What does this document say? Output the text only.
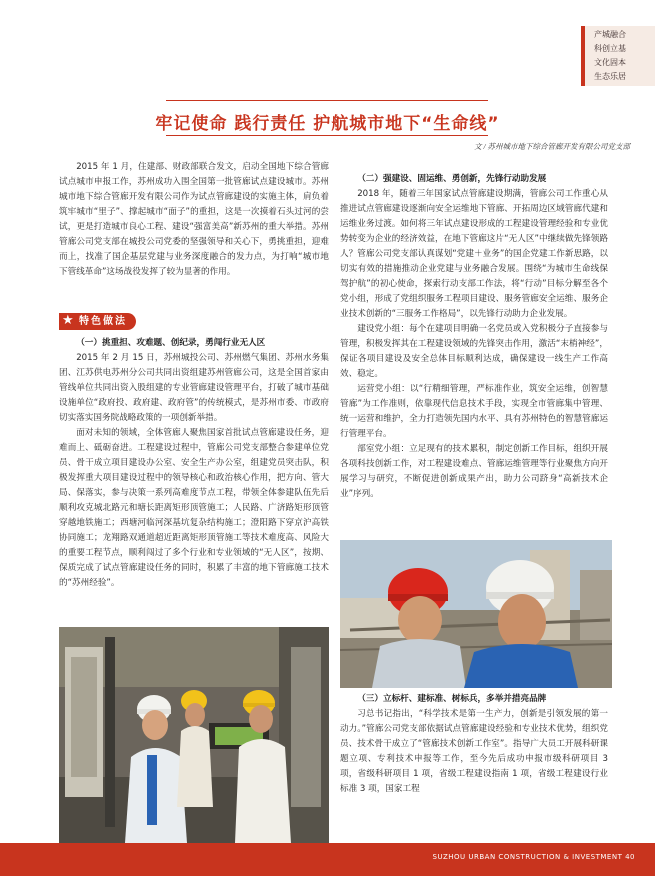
产城融合
科创立基
文化固本
生态乐居
牢记使命 践行责任 护航城市地下“生命线”
文 / 苏州城市地下综合管廊开发有限公司党支部

2015 年 1 月，住建部、财政部联合发文，启动全国地下综合管廊试点城市申报工作，苏州成功入围全国第一批管廊试点建设城市。苏州城市地下综合管廊开发有限公司作为试点管廊建设的实施主体，肩负着筑牢城市“里子”、撑起城市“面子”的重担，这是一次摸着石头过河的尝试，更是打造城市良心工程、建设“强富美高”新苏州的重大举措。苏州管廊公司党支部在城投公司党委的坚强领导和关心下，勇挑重担，迎难而上，找准了国企基层党建与业务深度融合的发力点，为打响“城市地下管线革命”这场战役发挥了较为显著的作用。

★ 特色做法

（一）挑重担、攻难题、创纪录，勇闯行业无人区

2015 年 2 月 15 日，苏州城投公司、苏州燃气集团、苏州水务集团、江苏供电苏州分公司共同出资组建苏州管廊公司，这是全国首家由管线单位共同出资入股组建的专业管廊建设管理平台，打破了城市基础设施单位“政府投、政府建、政府管”的传统模式，是苏州市委、市政府切实落实国务院战略政策的一项创新举措。

面对未知的领域，全体管廊人聚焦国家首批试点管廊建设任务，迎难而上、砥砺奋进。工程建设过程中，管廊公司党支部整合参建单位党员、骨干成立项目建设办公室、安全生产办公室，组建党员突击队，积极发挥重大项目建设过程中的领导核心和政治核心作用，把方向、管大局、保落实，参与决策一系列高难度节点工程，带领全体参建队伍先后顺利攻克城北路元和塘长距离矩形顶管施工；人民路、广济路矩形顶管穿越地铁施工；西塘河临河深基坑复杂结构施工；澄阳路下穿京沪高铁协同施工；龙翔路双通道超近距离矩形顶管施工等技术难度高、风险大的重要工程节点，顺利闯过了多个行业和专业领域的“无人区”，按期、保质完成了试点管廊建设任务的同时，积累了丰富的地下管廊施工技术的“苏州经验”。

（二）强建设、固运维、勇创新，先锋行动助发展

2018 年，随着三年国家试点管廊建设期满，管廊公司工作重心从推进试点管廊建设逐渐向安全运维地下管廊、开拓周边区域管廊代建和运维业务过渡。如何将三年试点建设形成的工程建设管理经验和专业优势转变为企业的经济效益，在地下管廊这片“无人区”中继续做先锋领路人？管廊公司党支部认真谋划“党建＋业务”的国企党建工作新思路，以切实有效的措施推动企业党建与业务融合发展。围绕“为城市生命线保驾护航”的初心使命，探索行动支部工作法，将“行动”目标分解至各个党小组，形成了党组织服务工程项目建设、服务管廊安全运维、服务企业技术创新的“三服务工作格局”，以先锋行动助力企业发展。

建设党小组：每个在建项目明确一名党员或入党积极分子直接参与管理，积极发挥其在工程建设领域的先锋突击作用，激活“末梢神经”，保证各项目建设及安全总体目标顺利达成，确保建设一线生产工作高效、稳定。

运营党小组：以“行精细管理，严标准作业，筑安全运维，创智慧管廊”为工作准则，依靠现代信息技术手段，实现全市管廊集中管理、统一运营和维护，全力打造领先国内水平、具有苏州特色的智慧管廊运行管理平台。

部室党小组：立足现有的技术累积，制定创新工作目标，组织开展各项科技创新工作，对工程建设难点、管廊运维管理等行业聚焦方向开展学习与研究，不断促进创新成果产出，助力公司跻身“高新技术企业”序列。

（三）立标杆、建标准、树标兵，多举并措亮品牌

习总书记指出，“科学技术是第一生产力，创新是引领发展的第一动力。”管廊公司党支部依据试点管廊建设经验和专业技术优势，组织党员、技术骨干成立了“管廊技术创新工作室”。指导广大员工开展科研课题立项、专利技术申报等工作，至今先后成功申报市级科研项目 3 项，省级科研项目 1 项，省级工程建设指南 1 项，省级工程建设行业标准 3 项，国家工程

SUZHOU URBAN CONSTRUCTION & INVESTMENT 40
